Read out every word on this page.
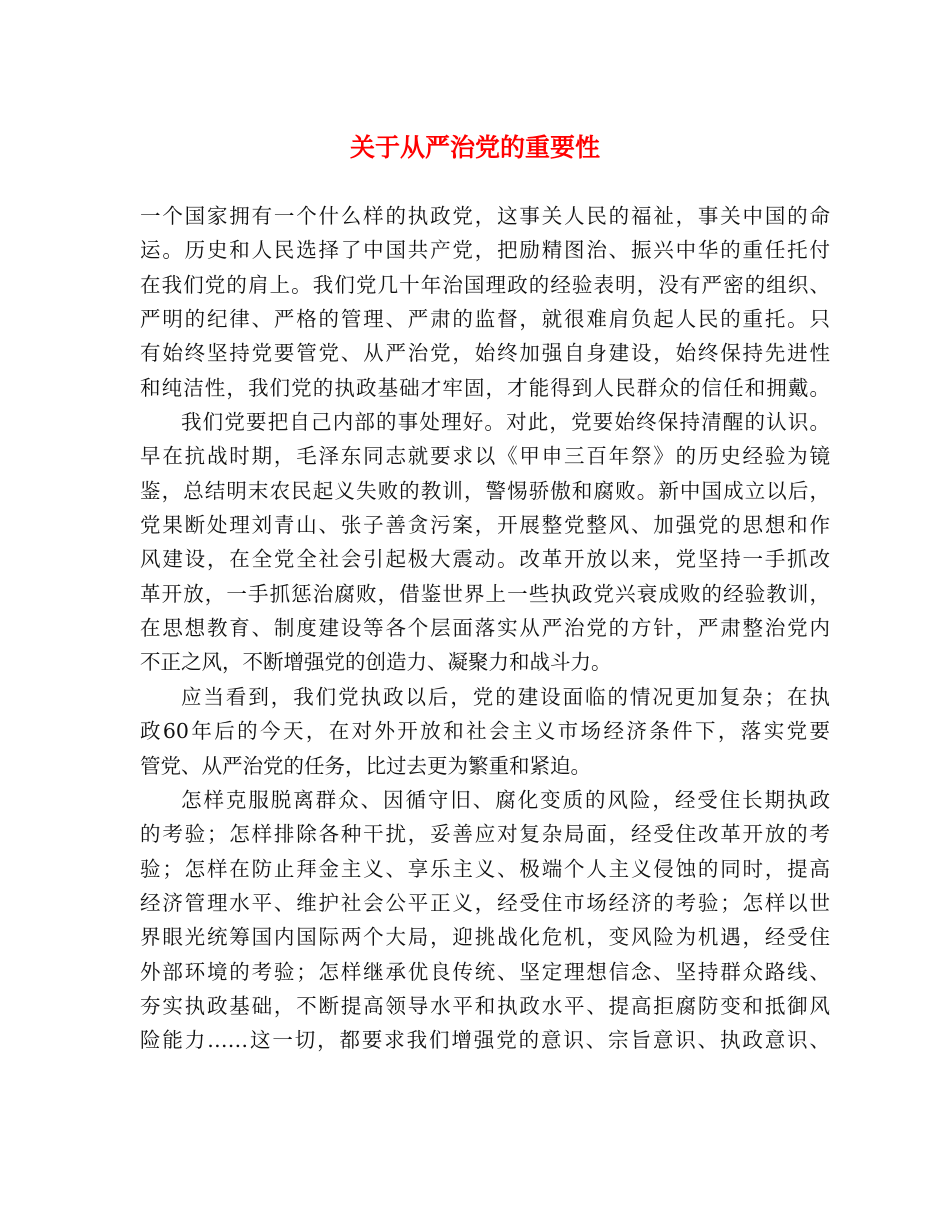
关于从严治党的重要性
一个国家拥有一个什么样的执政党，这事关人民的福祉，事关中国的命
运。历史和人民选择了中国共产党，把励精图治、振兴中华的重任托付
在我们党的肩上。我们党几十年治国理政的经验表明，没有严密的组织、
严明的纪律、严格的管理、严肃的监督，就很难肩负起人民的重托。只
有始终坚持党要管党、从严治党，始终加强自身建设，始终保持先进性
和纯洁性，我们党的执政基础才牢固，才能得到人民群众的信任和拥戴。
我们党要把自己内部的事处理好。对此，党要始终保持清醒的认识。
早在抗战时期，毛泽东同志就要求以《甲申三百年祭》的历史经验为镜
鉴，总结明末农民起义失败的教训，警惕骄傲和腐败。新中国成立以后，
党果断处理刘青山、张子善贪污案，开展整党整风、加强党的思想和作
风建设，在全党全社会引起极大震动。改革开放以来，党坚持一手抓改
革开放，一手抓惩治腐败，借鉴世界上一些执政党兴衰成败的经验教训，
在思想教育、制度建设等各个层面落实从严治党的方针，严肃整治党内
不正之风，不断增强党的创造力、凝聚力和战斗力。
应当看到，我们党执政以后，党的建设面临的情况更加复杂；在执
政60年后的今天，在对外开放和社会主义市场经济条件下，落实党要
管党、从严治党的任务，比过去更为繁重和紧迫。
怎样克服脱离群众、因循守旧、腐化变质的风险，经受住长期执政
的考验；怎样排除各种干扰，妥善应对复杂局面，经受住改革开放的考
验；怎样在防止拜金主义、享乐主义、极端个人主义侵蚀的同时，提高
经济管理水平、维护社会公平正义，经受住市场经济的考验；怎样以世
界眼光统筹国内国际两个大局，迎挑战化危机，变风险为机遇，经受住
外部环境的考验；怎样继承优良传统、坚定理想信念、坚持群众路线、
夯实执政基础，不断提高领导水平和执政水平、提高拒腐防变和抵御风
险能力……这一切，都要求我们增强党的意识、宗旨意识、执政意识、
